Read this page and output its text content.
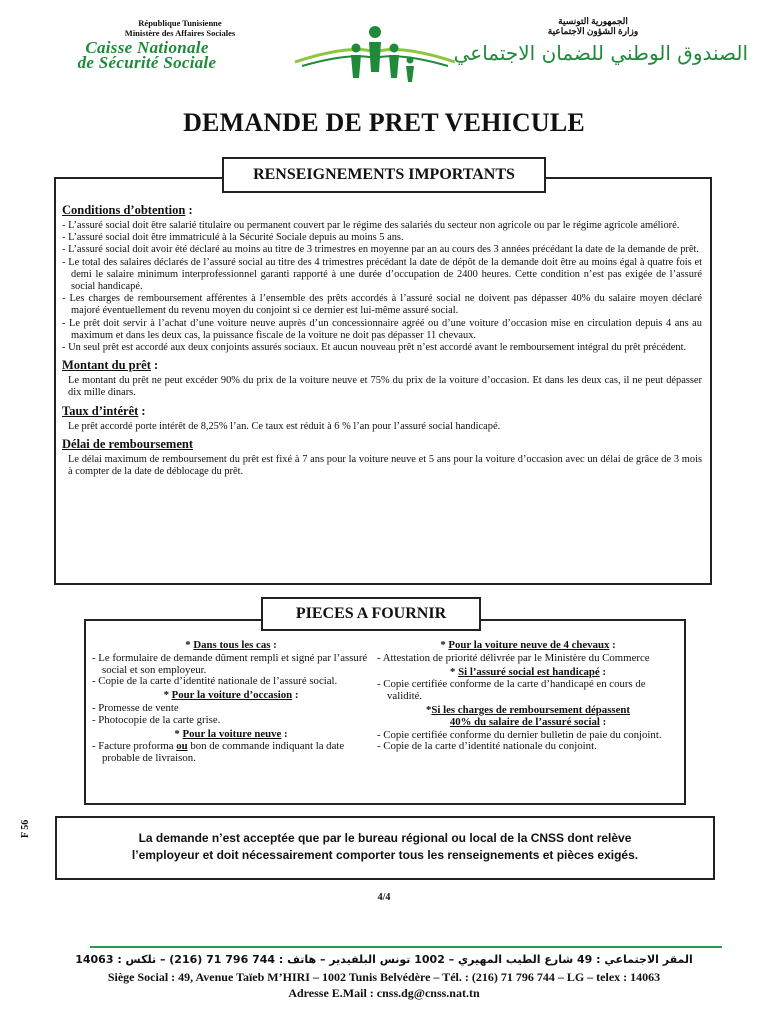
République Tunisienne
Ministère des Affaires Sociales
Caisse Nationale
de Sécurité Sociale
الجمهورية التونسية
وزارة الشؤون الاجتماعية
الصندوق الوطني للضمان الاجتماعي
DEMANDE DE PRET VEHICULE
RENSEIGNEMENTS IMPORTANTS
Conditions d’obtention :
- L’assuré social doit être salarié titulaire ou permanent couvert par le régime des salariés du secteur non agricole ou par le régime agricole amélioré.
- L’assuré social doit être immatriculé à la Sécurité Sociale depuis au moins 5 ans.
- L’assuré social doit avoir été déclaré au moins au titre de 3 trimestres en moyenne par an au cours des 3 années précédant la date de la demande de prêt.
- Le total des salaires déclarés de l’assuré social au titre des 4 trimestres précédant la date de dépôt de la demande doit être au moins égal à quatre fois et demi le salaire minimum interprofessionnel garanti rapporté à une durée d’occupation de 2400 heures. Cette condition n’est pas exigée de l’assuré social handicapé.
- Les charges de remboursement afférentes à l’ensemble des prêts accordés à l’assuré social ne doivent pas dépasser 40% du salaire moyen déclaré majoré éventuellement du revenu moyen du conjoint si ce dernier est lui-même assuré social.
- Le prêt doit servir à l’achat d’une voiture neuve auprès d’un concessionnaire agréé ou d’une voiture d’occasion mise en circulation depuis 4 ans au maximum et dans les deux cas, la puissance fiscale de la voiture ne doit pas dépasser 11 chevaux.
- Un seul prêt est accordé aux deux conjoints assurés sociaux. Et aucun nouveau prêt n’est accordé avant le remboursement intégral du prêt précédent.
Montant du prêt :

Le montant du prêt ne peut excéder 90% du prix de la voiture neuve et 75% du prix de la voiture d’occasion. Et dans les deux cas, il ne peut dépasser dix mille dinars.

Taux d’intérêt :

Le prêt accordé porte intérêt de 8,25% l’an. Ce taux est réduit à 6 % l’an pour l’assuré social handicapé.

Délai de remboursement

Le délai maximum de remboursement du prêt est fixé à 7 ans pour la voiture neuve et 5 ans pour la voiture d’occasion avec un délai de grâce de 3 mois à compter de la date de déblocage du prêt.

PIECES A FOURNIR
* Dans tous les cas :
- Le formulaire de demande dûment rempli et signé par l’assuré social et son employeur.
- Copie de la carte d’identité nationale de l’assuré social.
* Pour la voiture d’occasion :
- Promesse de vente
- Photocopie de la carte grise.
* Pour la voiture neuve :
- Facture proforma ou bon de commande indiquant la date probable de livraison.
* Pour la voiture neuve de 4 chevaux :
- Attestation de priorité délivrée par le Ministère du Commerce
* Si l’assuré social est handicapé :
- Copie certifiée conforme de la carte d’handicapé en cours de validité.
*Si les charges de remboursement dépassent
40% du salaire de l’assuré social :
- Copie certifiée conforme du dernier bulletin de paie du conjoint.
- Copie de la carte d’identité nationale du conjoint.
F 56	La demande n’est acceptée que par le bureau régional ou local de la CNSS dont relève
l’employeur et doit nécessairement comporter tous les renseignements et pièces exigés.
4/4
المقر الاجتماعي : 49 شارع الطيب المهيري – 1002 تونس البلفيدير – هاتف : 744 796 71 (216) – تلكس : 14063
Siège Social : 49, Avenue Taïeb M’HIRI – 1002 Tunis Belvédère – Tél. : (216) 71 796 744 – LG – telex : 14063
Adresse E.Mail : cnss.dg@cnss.nat.tn
